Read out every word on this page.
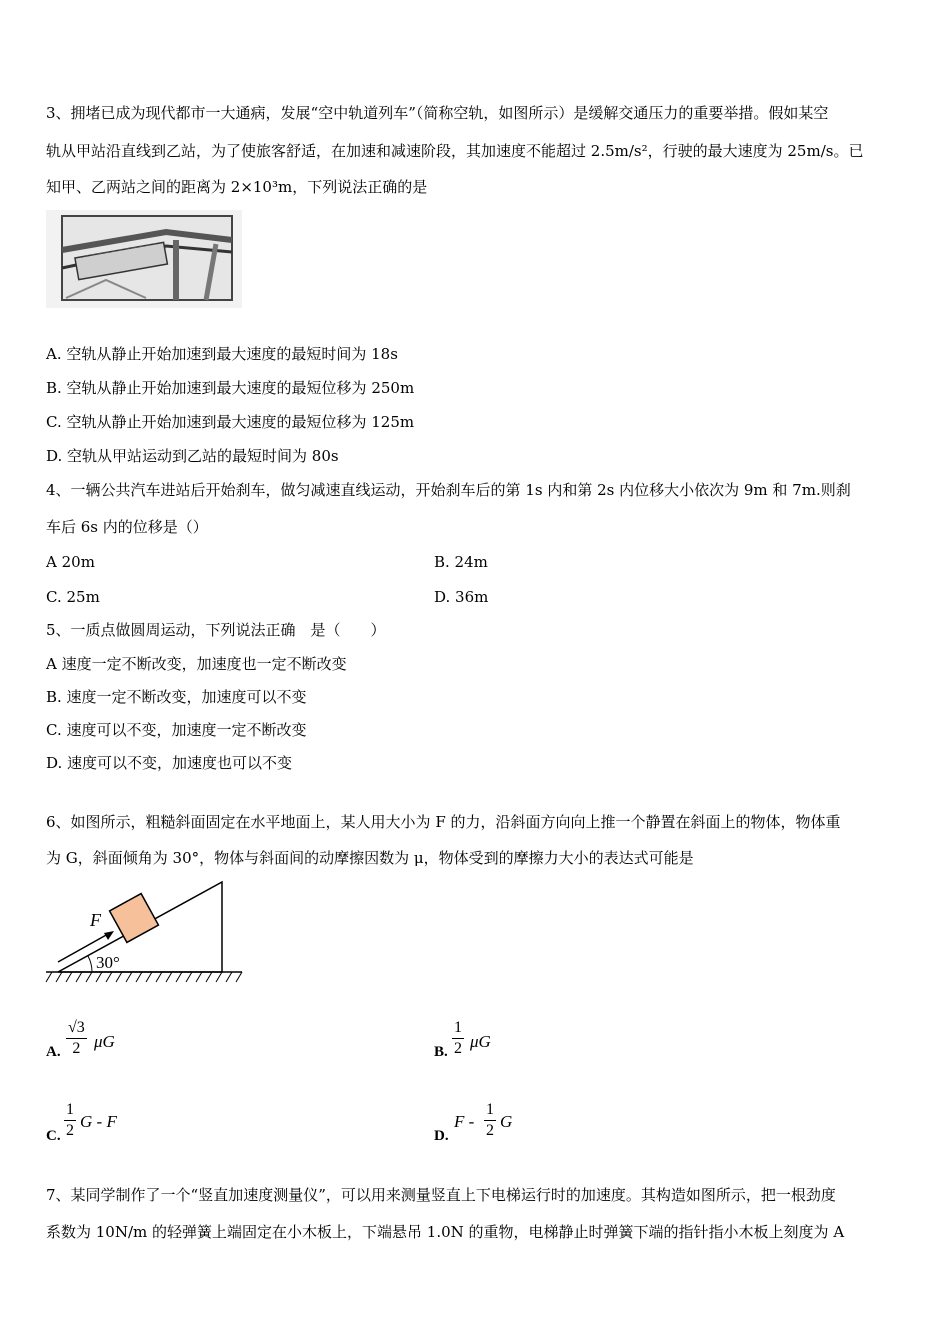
3、拥堵已成为现代都市一大通病，发展“空中轨道列车”（简称空轨，如图所示）是缓解交通压力的重要举措。假如某空
轨从甲站沿直线到乙站，为了使旅客舒适，在加速和减速阶段，其加速度不能超过 2.5m/s²，行驶的最大速度为 25m/s。已
知甲、乙两站之间的距离为 2×10³m，下列说法正确的是
A. 空轨从静止开始加速到最大速度的最短时间为 18s
B. 空轨从静止开始加速到最大速度的最短位移为 250m
C. 空轨从静止开始加速到最大速度的最短位移为 125m
D. 空轨从甲站运动到乙站的最短时间为 80s
4、一辆公共汽车进站后开始刹车，做匀减速直线运动，开始刹车后的第 1s 内和第 2s 内位移大小依次为 9m 和 7m.则刹
车后 6s 内的位移是（）
A 20m	B. 24m
C. 25m	D. 36m
5、一质点做圆周运动，下列说法正确　是（　　）
A 速度一定不断改变，加速度也一定不断改变
B. 速度一定不断改变，加速度可以不变
C. 速度可以不变，加速度一定不断改变
D. 速度可以不变，加速度也可以不变
6、如图所示，粗糙斜面固定在水平地面上，某人用大小为 F 的力，沿斜面方向向上推一个静置在斜面上的物体，物体重
为 G，斜面倾角为 30°，物体与斜面间的动摩擦因数为 μ，物体受到的摩擦力大小的表达式可能是
F
30°
A. $\frac{√3}{2}$ μG
B. $\frac{1}{2}$ μG
C. $\frac{1}{2}$ G - F
D.
F - $\frac{1}{2}$ G
7、某同学制作了一个“竖直加速度测量仪”，可以用来测量竖直上下电梯运行时的加速度。其构造如图所示，把一根劲度
系数为 10N/m 的轻弹簧上端固定在小木板上，下端悬吊 1.0N 的重物，电梯静止时弹簧下端的指针指小木板上刻度为 A
